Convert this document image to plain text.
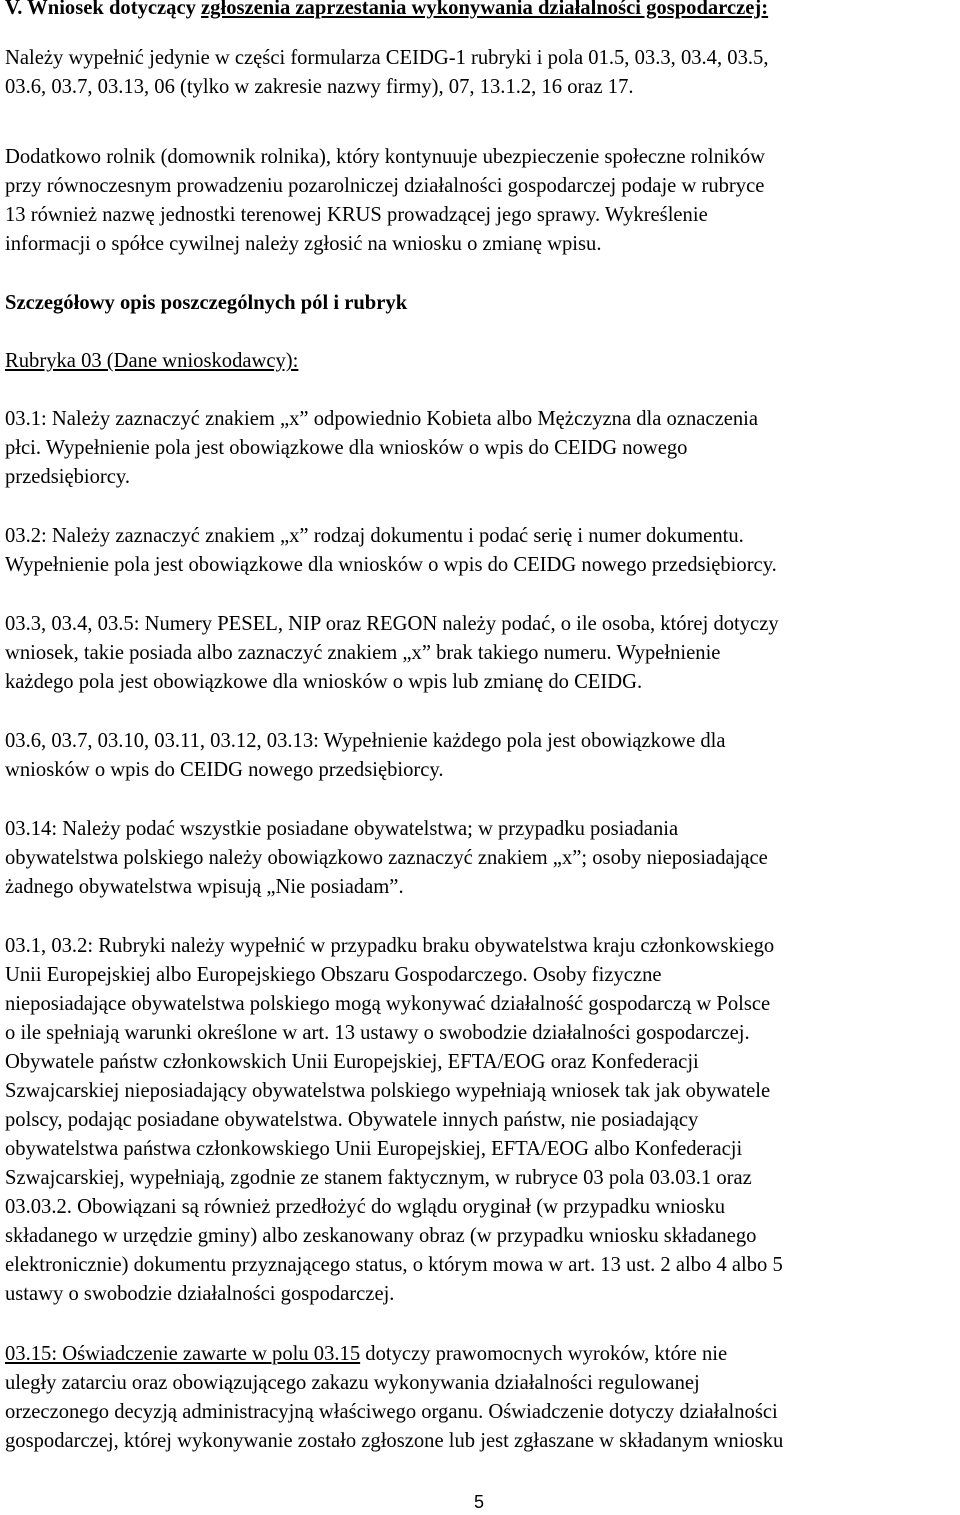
V. Wniosek dotyczący zgłoszenia zaprzestania wykonywania działalności gospodarczej:
Należy wypełnić jedynie w części formularza CEIDG-1 rubryki i pola 01.5, 03.3, 03.4, 03.5,
03.6, 03.7, 03.13, 06 (tylko w zakresie nazwy firmy), 07, 13.1.2, 16 oraz 17.
Dodatkowo rolnik (domownik rolnika), który kontynuuje ubezpieczenie społeczne rolników
przy równoczesnym prowadzeniu pozarolniczej działalności gospodarczej podaje w rubryce
13 również nazwę jednostki terenowej KRUS prowadzącej jego sprawy. Wykreślenie
informacji o spółce cywilnej należy zgłosić na wniosku o zmianę wpisu.
Szczegółowy opis poszczególnych pól i rubryk
Rubryka 03 (Dane wnioskodawcy):
03.1: Należy zaznaczyć znakiem „x” odpowiednio Kobieta albo Mężczyzna dla oznaczenia
płci. Wypełnienie pola jest obowiązkowe dla wniosków o wpis do CEIDG nowego
przedsiębiorcy.
03.2: Należy zaznaczyć znakiem „x” rodzaj dokumentu i podać serię i numer dokumentu.
Wypełnienie pola jest obowiązkowe dla wniosków o wpis do CEIDG nowego przedsiębiorcy.
03.3, 03.4, 03.5: Numery PESEL, NIP oraz REGON należy podać, o ile osoba, której dotyczy
wniosek, takie posiada albo zaznaczyć znakiem „x” brak takiego numeru. Wypełnienie
każdego pola jest obowiązkowe dla wniosków o wpis lub zmianę do CEIDG.
03.6, 03.7, 03.10, 03.11, 03.12, 03.13: Wypełnienie każdego pola jest obowiązkowe dla
wniosków o wpis do CEIDG nowego przedsiębiorcy.
03.14: Należy podać wszystkie posiadane obywatelstwa; w przypadku posiadania
obywatelstwa polskiego należy obowiązkowo zaznaczyć znakiem „x”; osoby nieposiadające
żadnego obywatelstwa wpisują „Nie posiadam”.
03.1, 03.2: Rubryki należy wypełnić w przypadku braku obywatelstwa kraju członkowskiego
Unii Europejskiej albo Europejskiego Obszaru Gospodarczego. Osoby fizyczne
nieposiadające obywatelstwa polskiego mogą wykonywać działalność gospodarczą w Polsce
o ile spełniają warunki określone w art. 13 ustawy o swobodzie działalności gospodarczej.
Obywatele państw członkowskich Unii Europejskiej, EFTA/EOG oraz Konfederacji
Szwajcarskiej nieposiadający obywatelstwa polskiego wypełniają wniosek tak jak obywatele
polscy, podając posiadane obywatelstwa. Obywatele innych państw, nie posiadający
obywatelstwa państwa członkowskiego Unii Europejskiej, EFTA/EOG albo Konfederacji
Szwajcarskiej, wypełniają, zgodnie ze stanem faktycznym, w rubryce 03 pola 03.03.1 oraz
03.03.2. Obowiązani są również przedłożyć do wglądu oryginał (w przypadku wniosku
składanego w urzędzie gminy) albo zeskanowany obraz (w przypadku wniosku składanego
elektronicznie) dokumentu przyznającego status, o którym mowa w art. 13 ust. 2 albo 4 albo 5
ustawy o swobodzie działalności gospodarczej.
03.15: Oświadczenie zawarte w polu 03.15 dotyczy prawomocnych wyroków, które nie
uległy zatarciu oraz obowiązującego zakazu wykonywania działalności regulowanej
orzeczonego decyzją administracyjną właściwego organu. Oświadczenie dotyczy działalności
gospodarczej, której wykonywanie zostało zgłoszone lub jest zgłaszane w składanym wniosku
5
